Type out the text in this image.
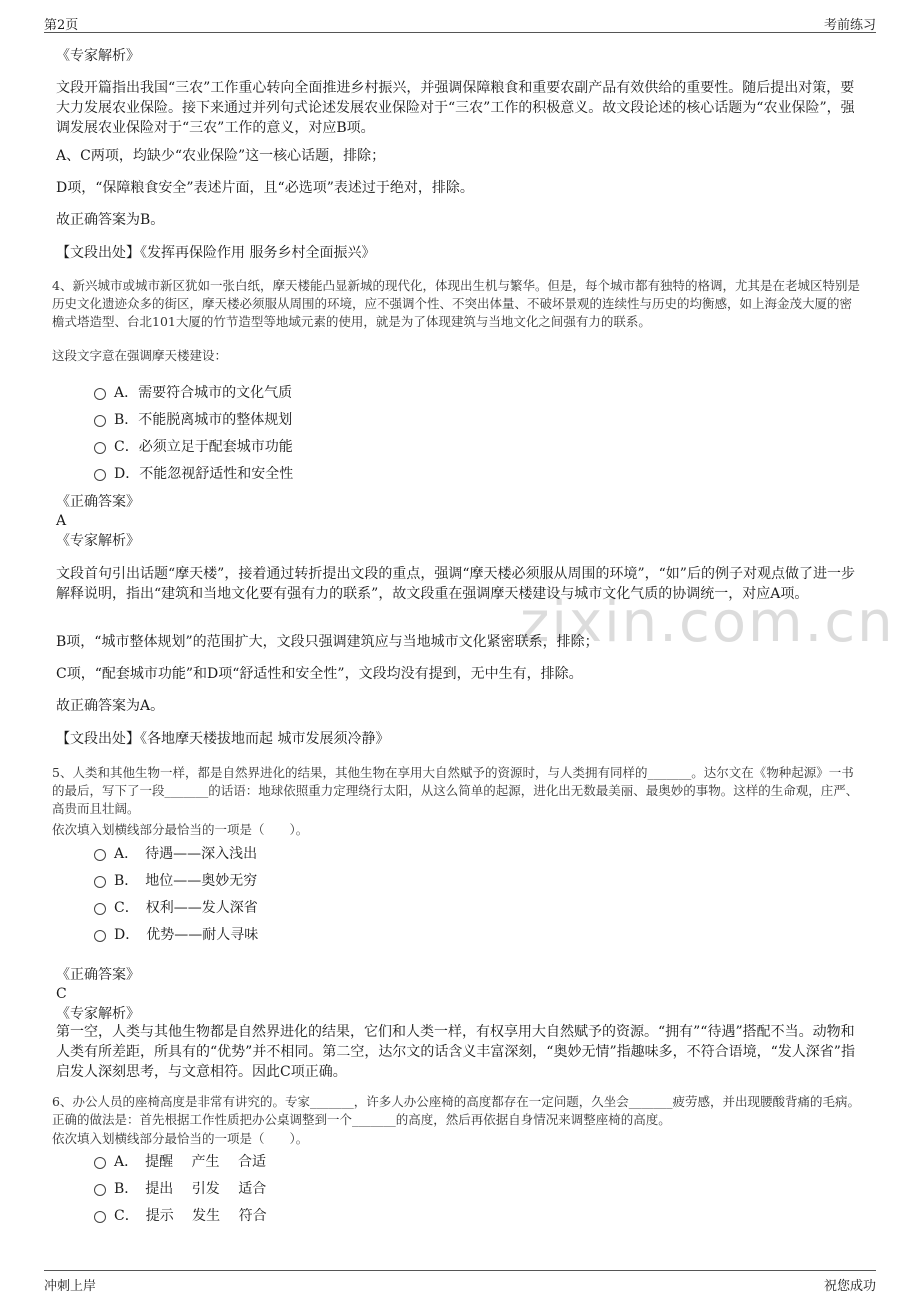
第2页	考前练习
zixin.com.cn
《专家解析》
文段开篇指出我国“三农”工作重心转向全面推进乡村振兴，并强调保障粮食和重要农副产品有效供给的重要性。随后提出对策，要大力发展农业保险。接下来通过并列句式论述发展农业保险对于“三农”工作的积极意义。故文段论述的核心话题为“农业保险”，强调发展农业保险对于“三农”工作的意义，对应B项。
A、C两项，均缺少“农业保险”这一核心话题，排除；
D项，“保障粮食安全”表述片面，且“必选项”表述过于绝对，排除。
故正确答案为B。
【文段出处】《发挥再保险作用 服务乡村全面振兴》
4、新兴城市或城市新区犹如一张白纸，摩天楼能凸显新城的现代化，体现出生机与繁华。但是，每个城市都有独特的格调，尤其是在老城区特别是历史文化遗迹众多的街区，摩天楼必须服从周围的环境，应不强调个性、不突出体量、不破坏景观的连续性与历史的均衡感，如上海金茂大厦的密檐式塔造型、台北101大厦的竹节造型等地域元素的使用，就是为了体现建筑与当地文化之间强有力的联系。
这段文字意在强调摩天楼建设：
A．需要符合城市的文化气质
B．不能脱离城市的整体规划
C．必须立足于配套城市功能
D．不能忽视舒适性和安全性
《正确答案》
A
《专家解析》
文段首句引出话题“摩天楼”，接着通过转折提出文段的重点，强调“摩天楼必须服从周围的环境”，“如”后的例子对观点做了进一步解释说明，指出“建筑和当地文化要有强有力的联系”，故文段重在强调摩天楼建设与城市文化气质的协调统一，对应A项。
B项，“城市整体规划”的范围扩大，文段只强调建筑应与当地城市文化紧密联系，排除；
C项，“配套城市功能”和D项“舒适性和安全性”，文段均没有提到，无中生有，排除。
故正确答案为A。
【文段出处】《各地摩天楼拔地而起 城市发展须冷静》
5、人类和其他生物一样，都是自然界进化的结果，其他生物在享用大自然赋予的资源时，与人类拥有同样的_______。达尔文在《物种起源》一书的最后，写下了一段_______的话语：地球依照重力定理绕行太阳，从这么简单的起源，进化出无数最美丽、最奥妙的事物。这样的生命观，庄严、高贵而且壮阔。
依次填入划横线部分最恰当的一项是（　　）。
A．　待遇——深入浅出
B．　地位——奥妙无穷
C．　权利——发人深省
D．　优势——耐人寻味
《正确答案》
C
《专家解析》
第一空，人类与其他生物都是自然界进化的结果，它们和人类一样，有权享用大自然赋予的资源。“拥有”“待遇”搭配不当。动物和人类有所差距，所具有的“优势”并不相同。第二空，达尔文的话含义丰富深刻，“奥妙无情”指趣味多，不符合语境，“发人深省”指启发人深刻思考，与文意相符。因此C项正确。
6、办公人员的座椅高度是非常有讲究的。专家_______，许多人办公座椅的高度都存在一定问题，久坐会_______疲劳感，并出现腰酸背痛的毛病。正确的做法是：首先根据工作性质把办公桌调整到一个_______的高度，然后再依据自身情况来调整座椅的高度。
依次填入划横线部分最恰当的一项是（　　）。
A．　提醒　 产生　 合适
B．　提出　 引发　 适合
C．　提示　 发生　 符合
冲刺上岸	祝您成功
